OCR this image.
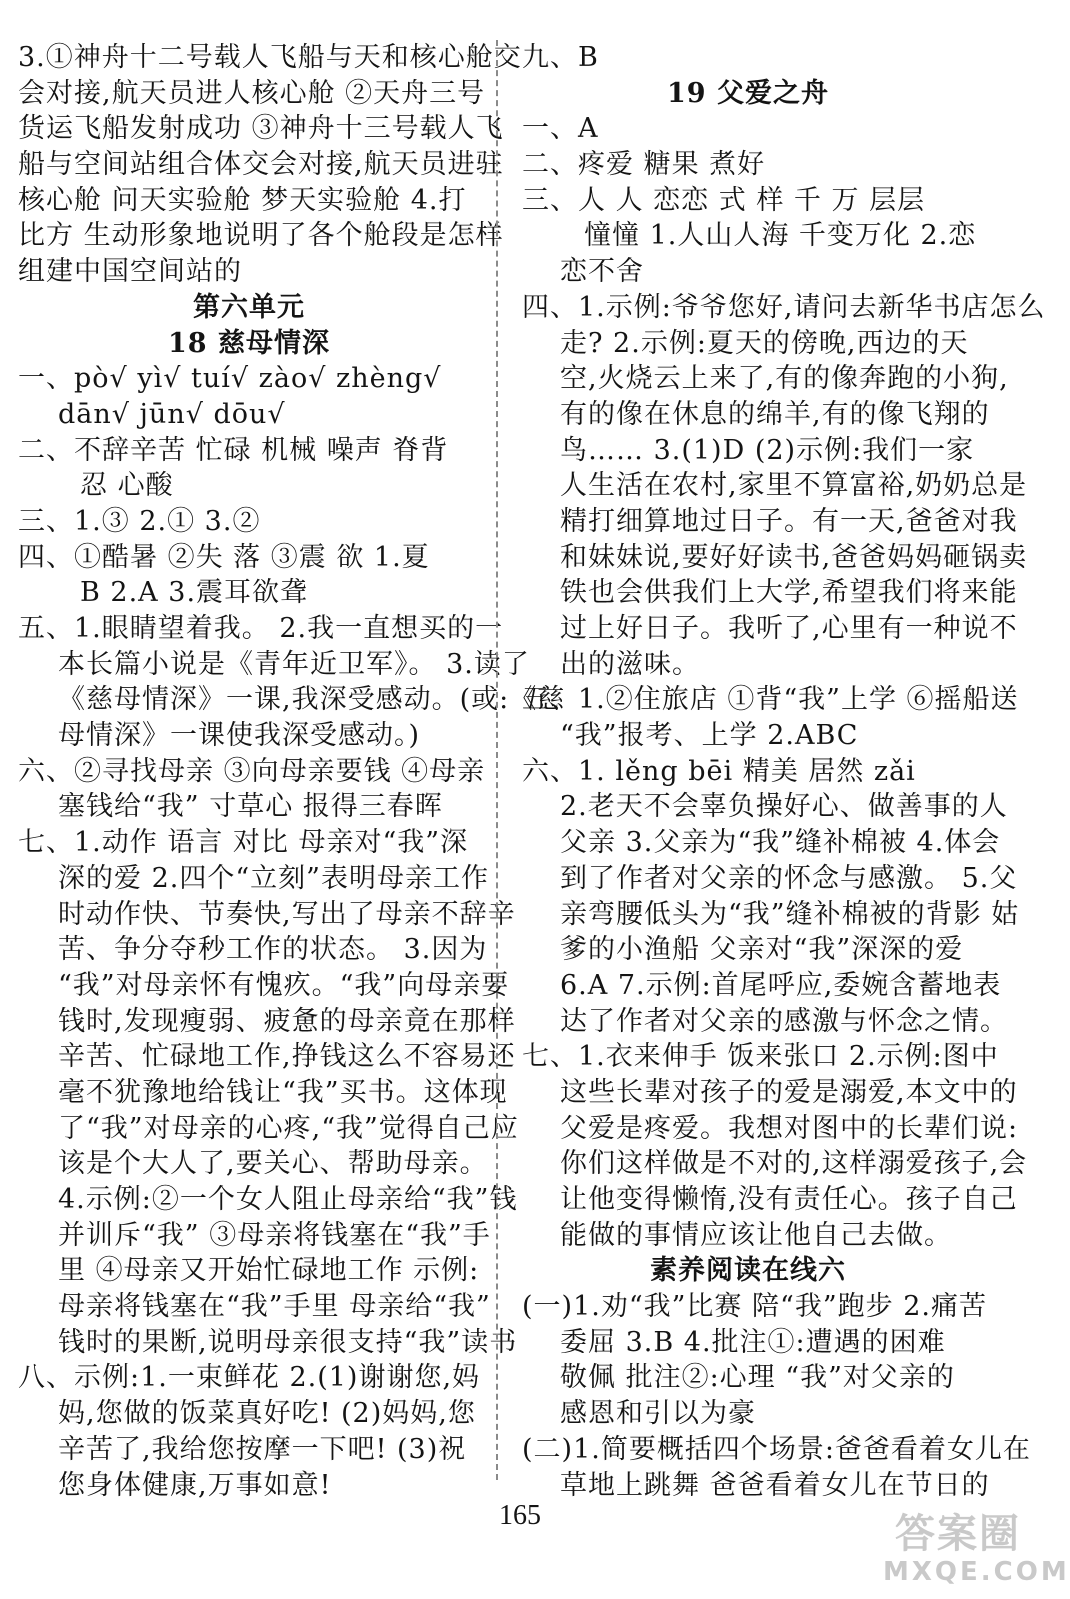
3.①神舟十二号载人飞船与天和核心舱交
会对接,航天员进人核心舱 ②天舟三号
货运飞船发射成功 ③神舟十三号载人飞
船与空间站组合体交会对接,航天员进驻
核心舱 问天实验舱 梦天实验舱 4.打
比方 生动形象地说明了各个舱段是怎样
组建中国空间站的
第六单元
18 慈母情深
一、pò√ yì√ tuí√ zào√ zhèng√
dān√ jūn√ dōu√
二、不辞辛苦 忙碌 机械 噪声 脊背
忍 心酸
三、1.③ 2.① 3.②
四、①酷暑 ②失 落 ③震 欲 1.夏
B 2.A 3.震耳欲聋
五、1.眼睛望着我。 2.我一直想买的一
本长篇小说是《青年近卫军》。 3.读了
《慈母情深》一课,我深受感动。(或:《慈
母情深》一课使我深受感动。)
六、②寻找母亲 ③向母亲要钱 ④母亲
塞钱给“我” 寸草心 报得三春晖
七、1.动作 语言 对比 母亲对“我”深
深的爱 2.四个“立刻”表明母亲工作
时动作快、节奏快,写出了母亲不辞辛
苦、争分夺秒工作的状态。 3.因为
“我”对母亲怀有愧疚。“我”向母亲要
钱时,发现瘦弱、疲惫的母亲竟在那样
辛苦、忙碌地工作,挣钱这么不容易还
毫不犹豫地给钱让“我”买书。这体现
了“我”对母亲的心疼,“我”觉得自己应
该是个大人了,要关心、帮助母亲。
4.示例:②一个女人阻止母亲给“我”钱
并训斥“我” ③母亲将钱塞在“我”手
里 ④母亲又开始忙碌地工作 示例:
母亲将钱塞在“我”手里 母亲给“我”
钱时的果断,说明母亲很支持“我”读书
八、示例:1.一束鲜花 2.(1)谢谢您,妈
妈,您做的饭菜真好吃! (2)妈妈,您
辛苦了,我给您按摩一下吧! (3)祝
您身体健康,万事如意!
九、B
19 父爱之舟
一、A
二、疼爱 糖果 煮好
三、人 人 恋恋 式 样 千 万 层层
憧憧 1.人山人海 千变万化 2.恋
恋不舍
四、1.示例:爷爷您好,请问去新华书店怎么
走? 2.示例:夏天的傍晚,西边的天
空,火烧云上来了,有的像奔跑的小狗,
有的像在休息的绵羊,有的像飞翔的
鸟…… 3.(1)D (2)示例:我们一家
人生活在农村,家里不算富裕,奶奶总是
精打细算地过日子。有一天,爸爸对我
和妹妹说,要好好读书,爸爸妈妈砸锅卖
铁也会供我们上大学,希望我们将来能
过上好日子。我听了,心里有一种说不
出的滋味。
五、1.②住旅店 ①背“我”上学 ⑥摇船送
“我”报考、上学 2.ABC
六、1. lěng bēi 精美 居然 zǎi
2.老天不会辜负操好心、做善事的人
父亲 3.父亲为“我”缝补棉被 4.体会
到了作者对父亲的怀念与感激。 5.父
亲弯腰低头为“我”缝补棉被的背影 姑
爹的小渔船 父亲对“我”深深的爱
6.A 7.示例:首尾呼应,委婉含蓄地表
达了作者对父亲的感激与怀念之情。
七、1.衣来伸手 饭来张口 2.示例:图中
这些长辈对孩子的爱是溺爱,本文中的
父爱是疼爱。我想对图中的长辈们说:
你们这样做是不对的,这样溺爱孩子,会
让他变得懒惰,没有责任心。孩子自己
能做的事情应该让他自己去做。
素养阅读在线六
(一)1.劝“我”比赛 陪“我”跑步 2.痛苦
委屈 3.B 4.批注①:遭遇的困难
敬佩 批注②:心理 “我”对父亲的
感恩和引以为豪
(二)1.简要概括四个场景:爸爸看着女儿在
草地上跳舞 爸爸看着女儿在节日的
165	答案圈
MXQE.COM
